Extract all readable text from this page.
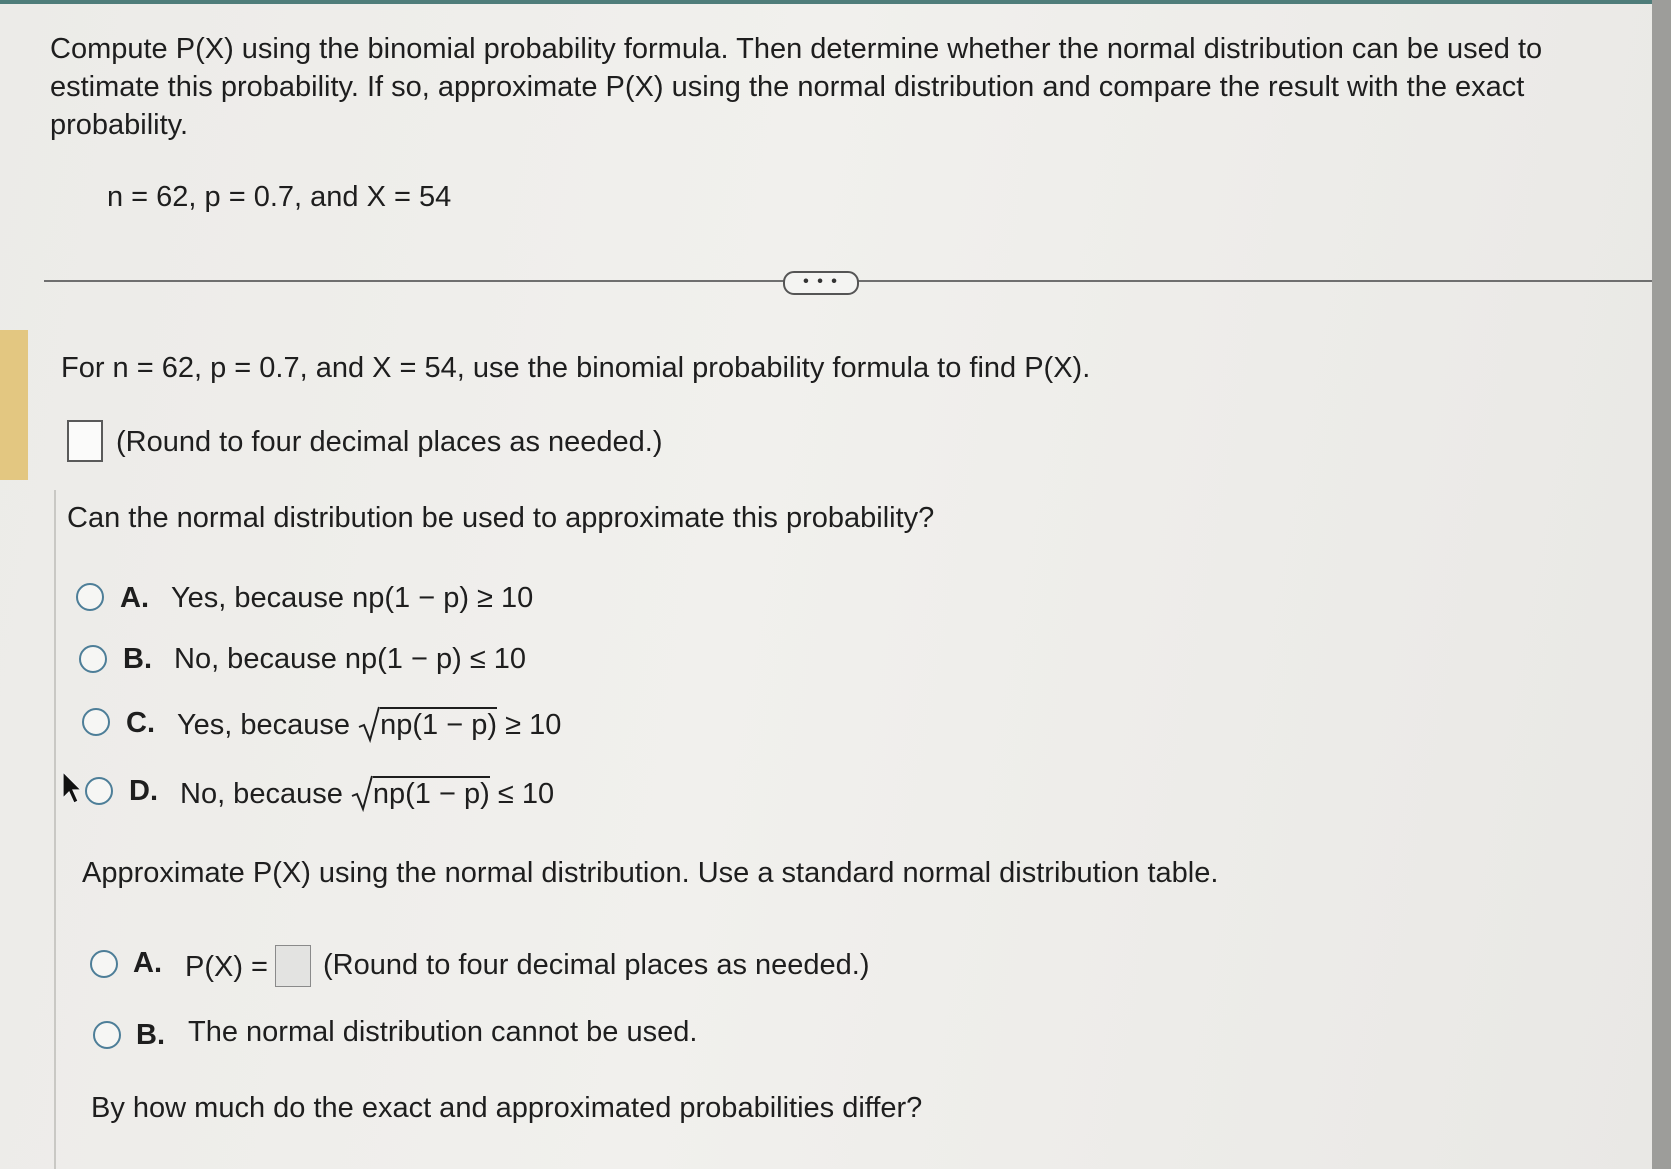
Compute P(X) using the binomial probability formula. Then determine whether the normal distribution can be used to estimate this probability. If so, approximate P(X) using the normal distribution and compare the result with the exact probability.
n = 62, p = 0.7, and X = 54
• • •
For n = 62, p = 0.7, and X = 54, use the binomial probability formula to find P(X).
(Round to four decimal places as needed.)
Can the normal distribution be used to approximate this probability?
A. Yes, because np(1 − p) ≥ 10
B. No, because np(1 − p) ≤ 10
C. Yes, because np(1 − p) ≥ 10
D. No, because np(1 − p) ≤ 10
Approximate P(X) using the normal distribution. Use a standard normal distribution table.
A. P(X) = (Round to four decimal places as needed.)
B. The normal distribution cannot be used.
By how much do the exact and approximated probabilities differ?
